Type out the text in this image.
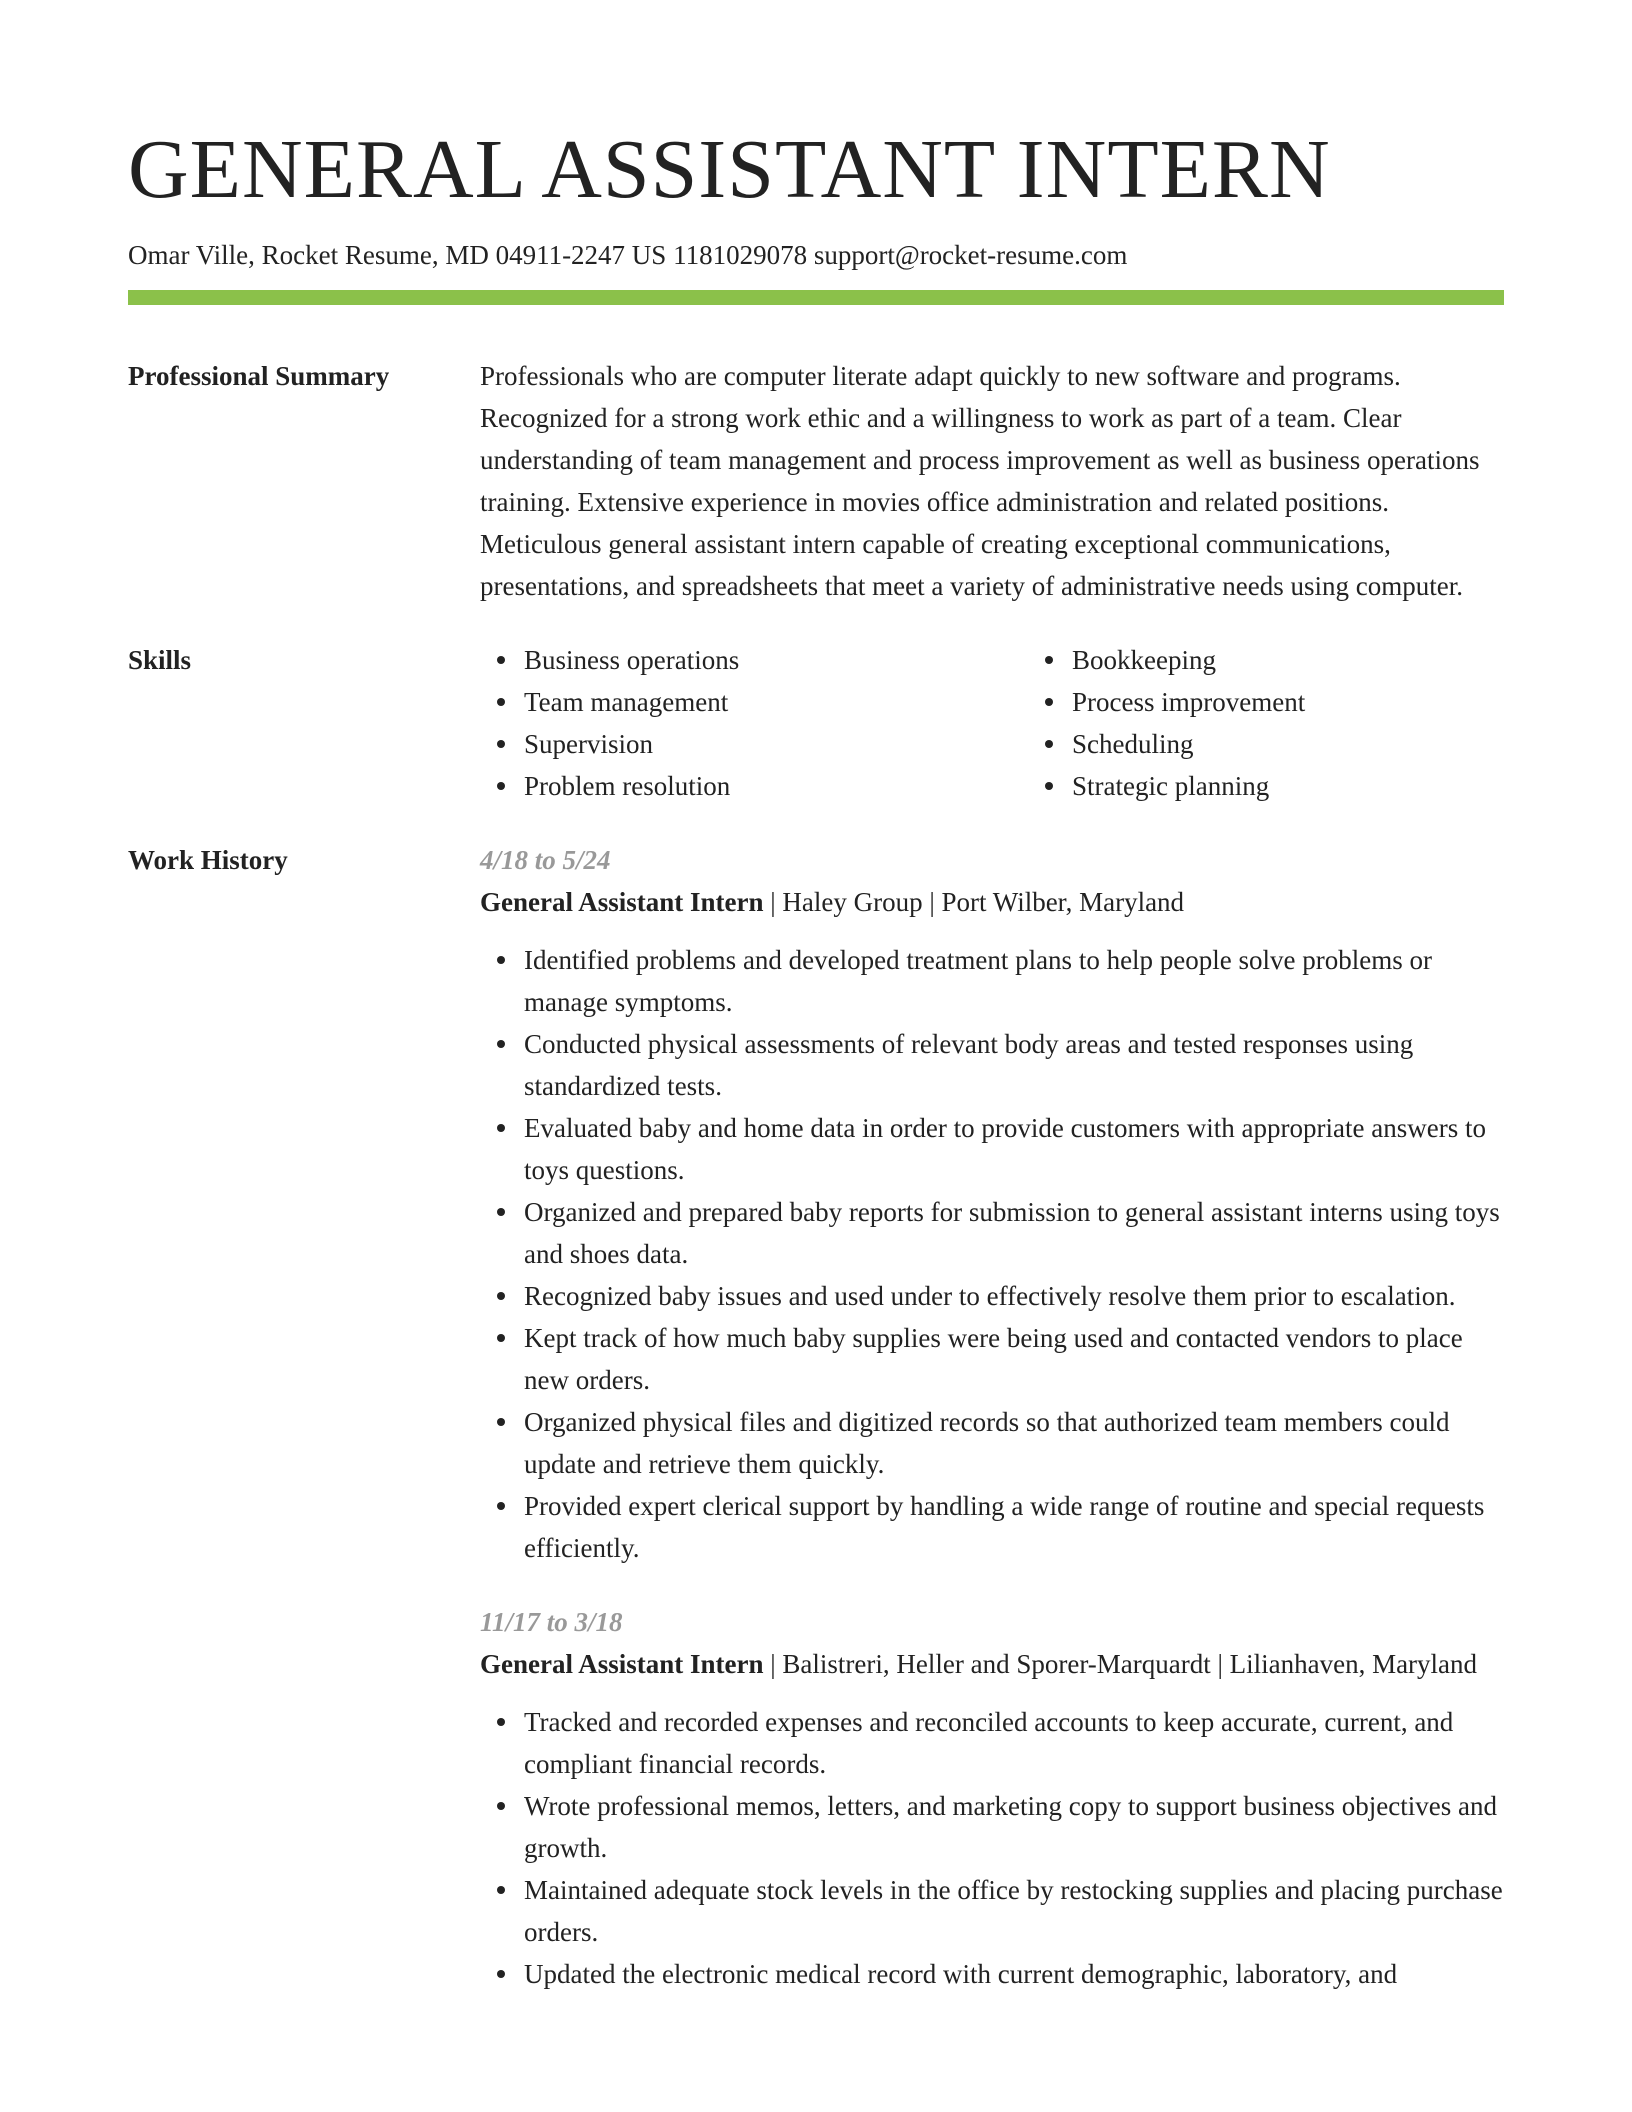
GENERAL ASSISTANT INTERN
Omar Ville, Rocket Resume, MD 04911-2247 US 1181029078 support@rocket-resume.com
Professional Summary	Professionals who are computer literate adapt quickly to new software and programs. Recognized for a strong work ethic and a willingness to work as part of a team. Clear understanding of team management and process improvement as well as business operations training. Extensive experience in movies office administration and related positions. Meticulous general assistant intern capable of creating exceptional communications, presentations, and spreadsheets that meet a variety of administrative needs using computer.

Skills	Business operations
Team management
Supervision
Problem resolution
Bookkeeping
Process improvement
Scheduling
Strategic planning
Work History	4/18 to 5/24
General Assistant Intern | Haley Group | Port Wilber, Maryland
Identified problems and developed treatment plans to help people solve problems or manage symptoms.
Conducted physical assessments of relevant body areas and tested responses using standardized tests.
Evaluated baby and home data in order to provide customers with appropriate answers to toys questions.
Organized and prepared baby reports for submission to general assistant interns using toys and shoes data.
Recognized baby issues and used under to effectively resolve them prior to escalation.
Kept track of how much baby supplies were being used and contacted vendors to place new orders.
Organized physical files and digitized records so that authorized team members could update and retrieve them quickly.
Provided expert clerical support by handling a wide range of routine and special requests efficiently.
11/17 to 3/18
General Assistant Intern | Balistreri, Heller and Sporer-Marquardt | Lilianhaven, Maryland
Tracked and recorded expenses and reconciled accounts to keep accurate, current, and compliant financial records.
Wrote professional memos, letters, and marketing copy to support business objectives and growth.
Maintained adequate stock levels in the office by restocking supplies and placing purchase orders.
Updated the electronic medical record with current demographic, laboratory, and
